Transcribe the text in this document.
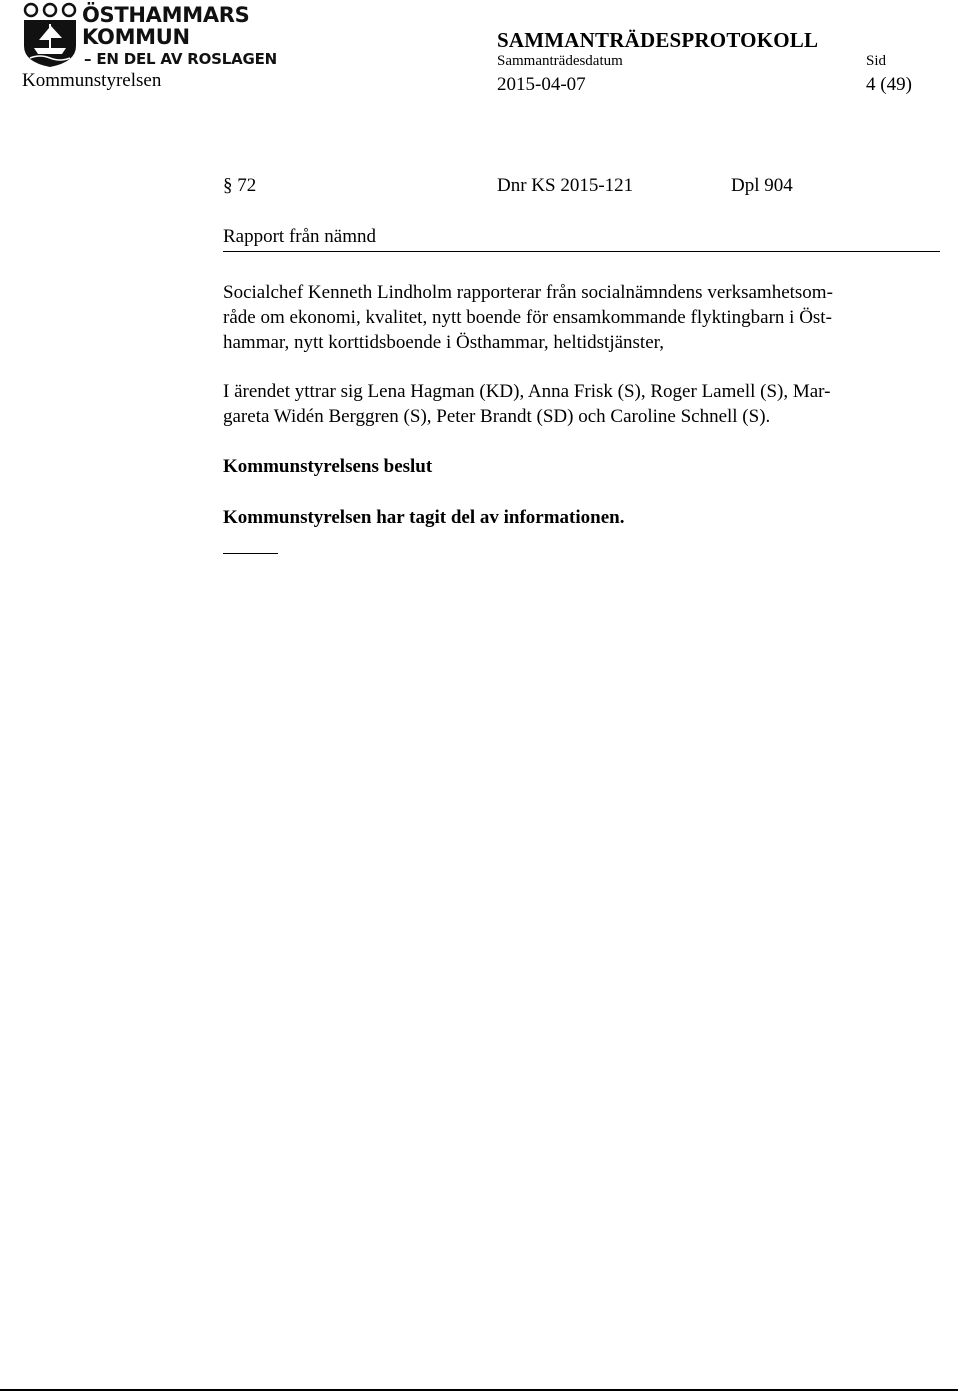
ÖSTHAMMARS
KOMMUN
– EN DEL AV ROSLAGEN
Kommunstyrelsen
SAMMANTRÄDESPROTOKOLL
Sammanträdesdatum	Sid
2015-04-07	4 (49)
§ 72	Dnr KS 2015-121	Dpl 904
Rapport från nämnd
Socialchef Kenneth Lindholm rapporterar från socialnämndens verksamhetsom-
råde om ekonomi, kvalitet, nytt boende för ensamkommande flyktingbarn i Öst-
hammar, nytt korttidsboende i Östhammar, heltidstjänster,
I ärendet yttrar sig Lena Hagman (KD), Anna Frisk (S), Roger Lamell (S), Mar-
gareta Widén Berggren (S), Peter Brandt (SD) och Caroline Schnell (S).
Kommunstyrelsens beslut
Kommunstyrelsen har tagit del av informationen.
